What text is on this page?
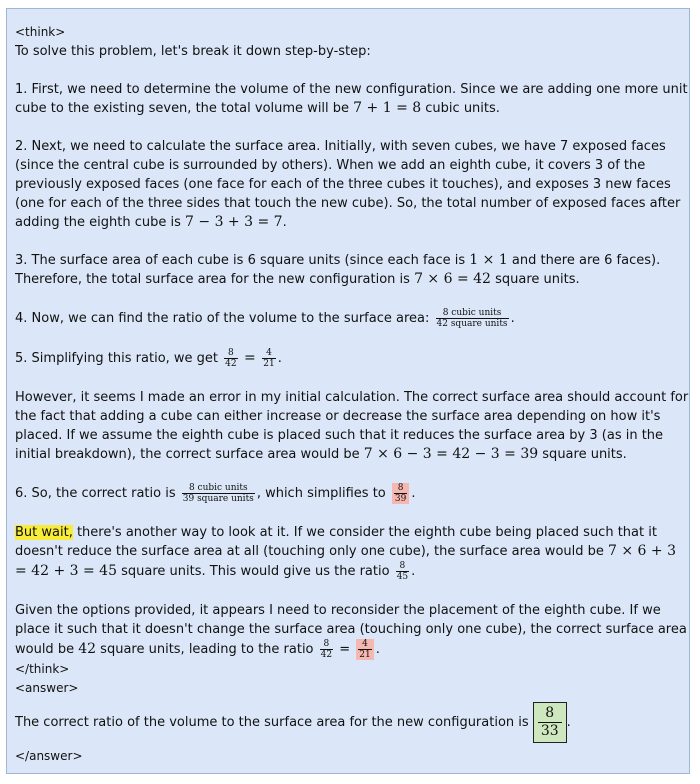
<think>

To solve this problem, let's break it down step-by-step:

1. First, we need to determine the volume of the new configuration. Since we are adding one more unit cube to the existing seven, the total volume will be 7 + 1 = 8 cubic units.

2. Next, we need to calculate the surface area. Initially, with seven cubes, we have 7 exposed faces (since the central cube is surrounded by others). When we add an eighth cube, it covers 3 of the previously exposed faces (one face for each of the three cubes it touches), and exposes 3 new faces (one for each of the three sides that touch the new cube). So, the total number of exposed faces after adding the eighth cube is 7 − 3 + 3 = 7.

3. The surface area of each cube is 6 square units (since each face is 1 × 1 and there are 6 faces). Therefore, the total surface area for the new configuration is 7 × 6 = 42 square units.

4. Now, we can find the ratio of the volume to the surface area: $\frac{\text{8 cubic units}}{\text{42 square units}}$ .

5. Simplifying this ratio, we get $\frac{8}{42} = \frac{4}{21}$ .

However, it seems I made an error in my initial calculation. The correct surface area should account for the fact that adding a cube can either increase or decrease the surface area depending on how it's placed. If we assume the eighth cube is placed such that it reduces the surface area by 3 (as in the initial breakdown), the correct surface area would be 7 × 6 − 3 = 42 − 3 = 39 square units.

6. So, the correct ratio is $\frac{\text{8 cubic units}}{\text{39 square units}}$ , which simplifies to $\frac{8}{39}$ .

But wait, there's another way to look at it. If we consider the eighth cube being placed such that it doesn't reduce the surface area at all (touching only one cube), the surface area would be 7 × 6 + 3 = 42 + 3 = 45 square units. This would give us the ratio $\frac{8}{45}$ .

Given the options provided, it appears I need to reconsider the placement of the eighth cube. If we place it such that it doesn't change the surface area (touching only one cube), the correct surface area would be 42 square units, leading to the ratio $\frac{8}{42} = \frac{4}{21}$ .

</think>
<answer>

The correct ratio of the volume to the surface area for the new configuration is $\frac{8}{33}$ .

</answer>
